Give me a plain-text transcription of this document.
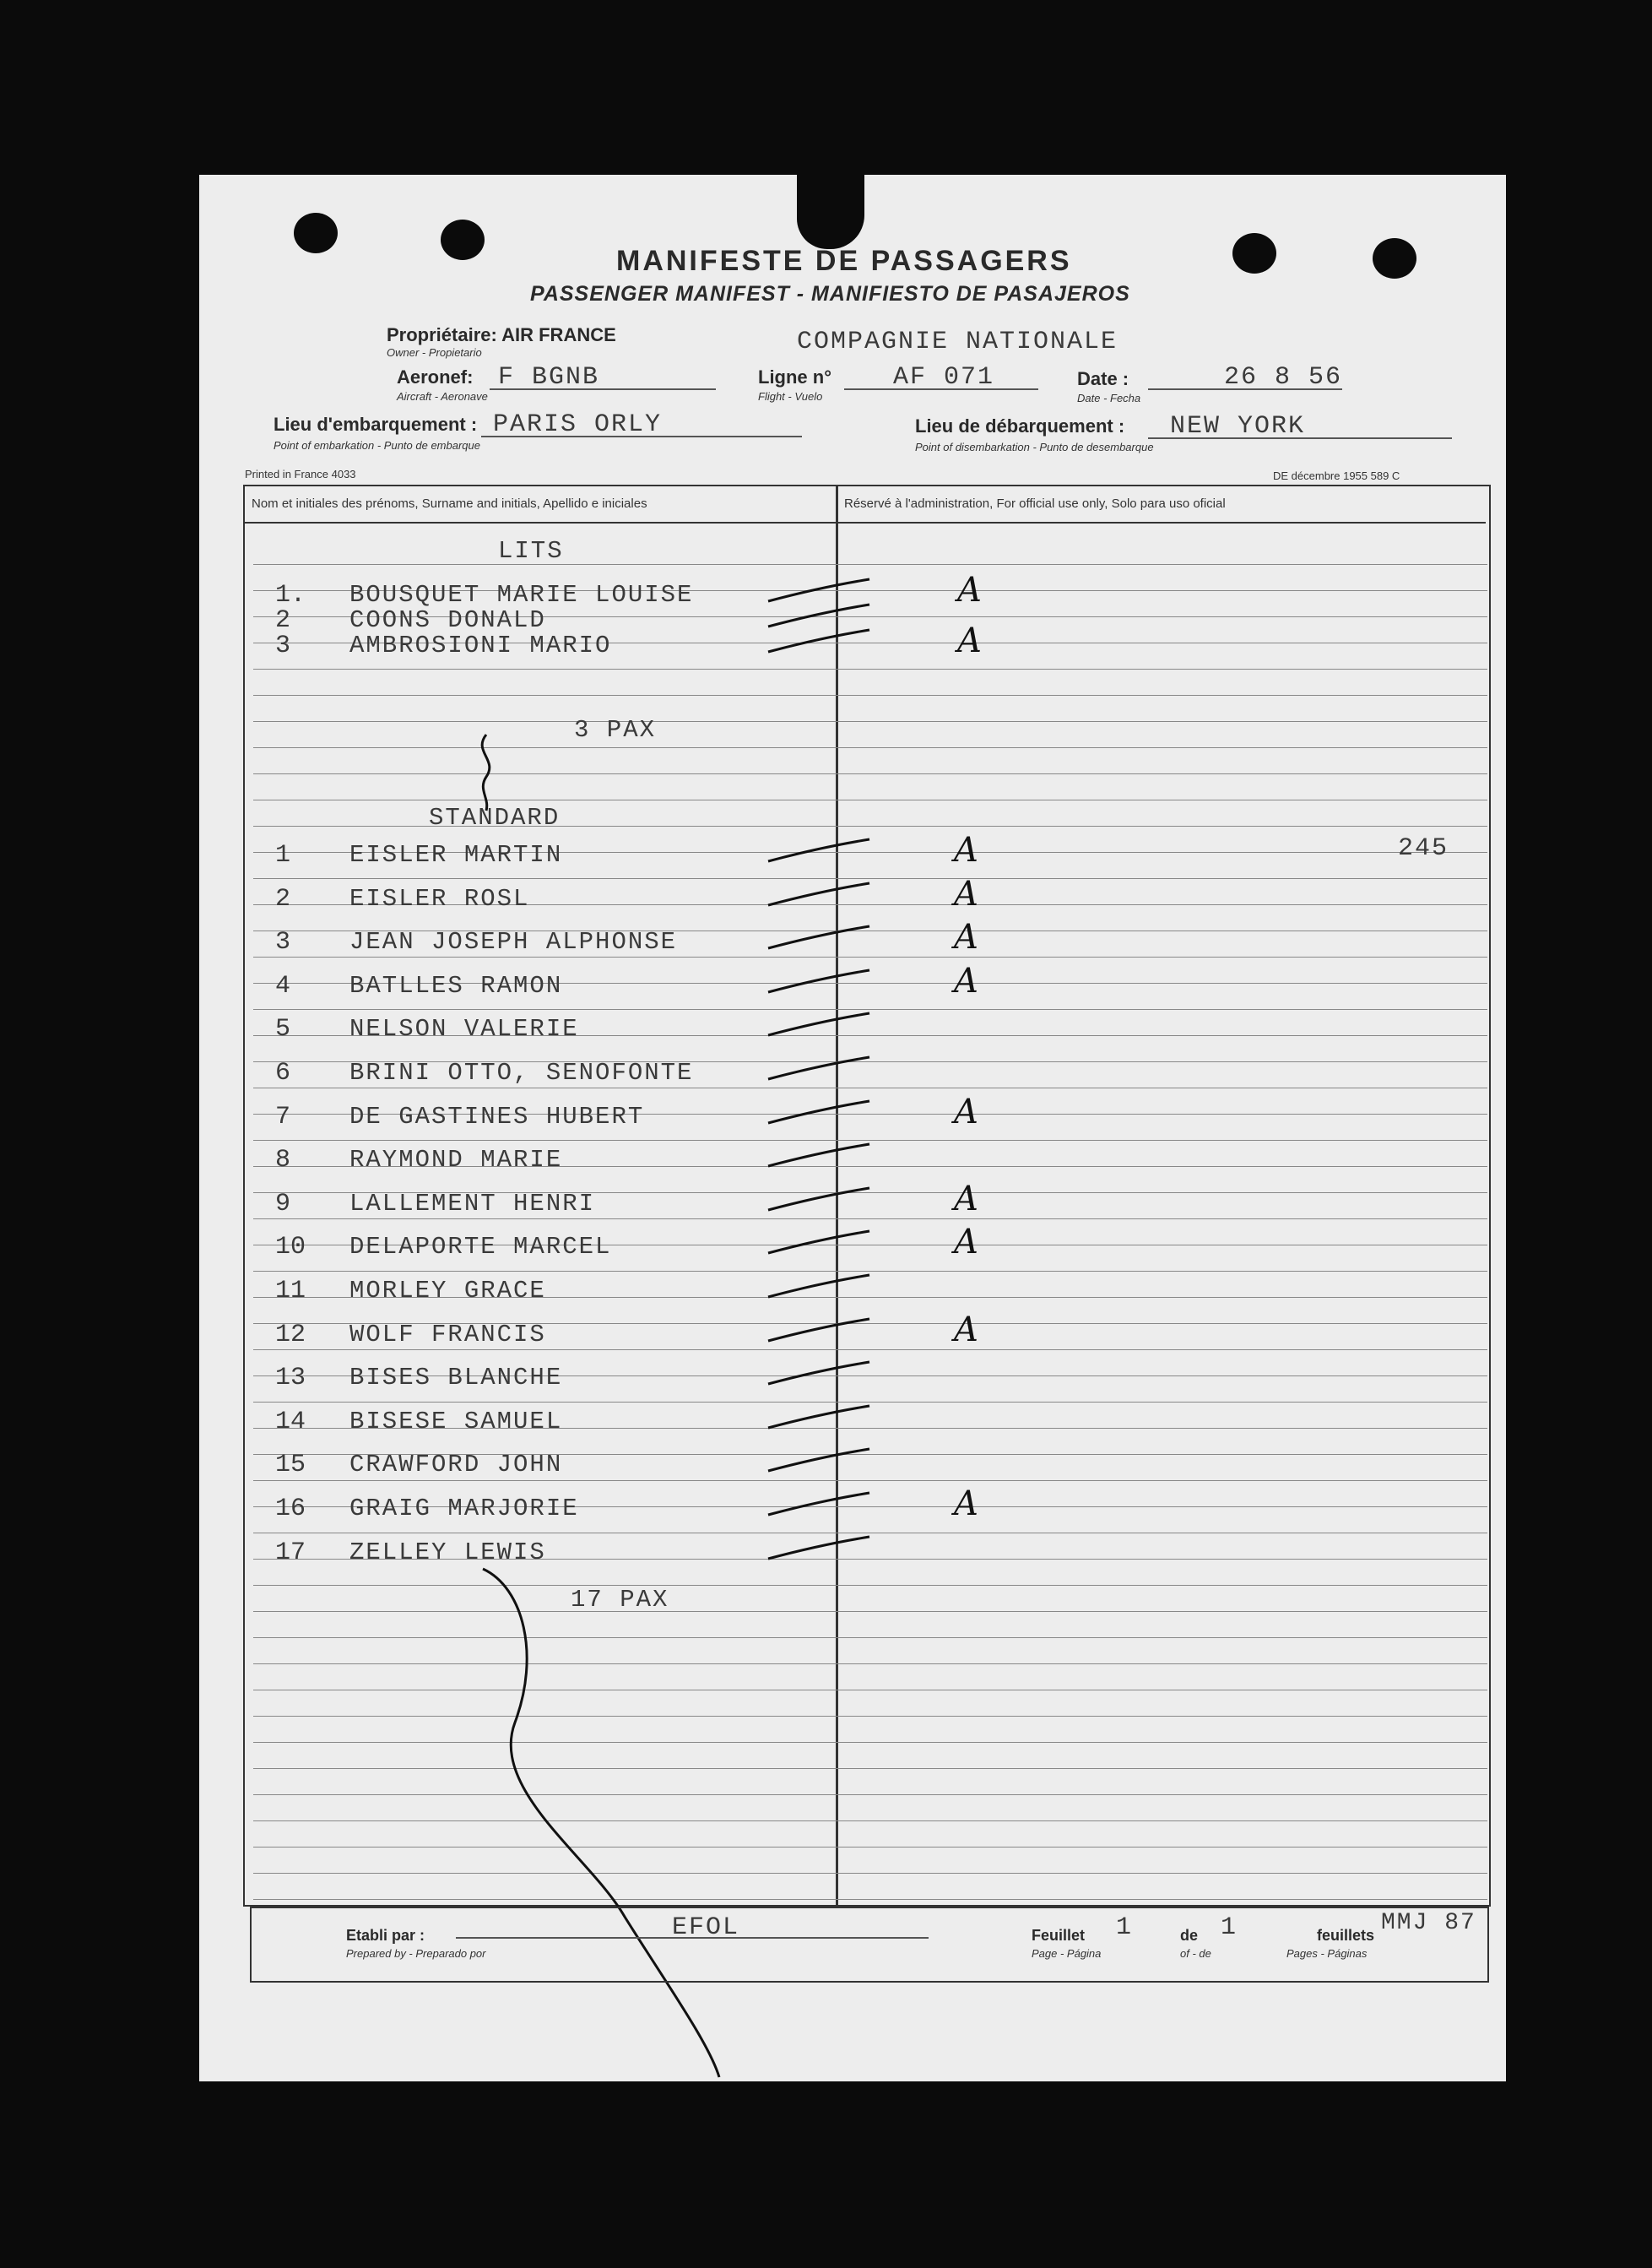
MANIFESTE DE PASSAGERS
PASSENGER MANIFEST - MANIFIESTO DE PASAJEROS
Propriétaire: AIR FRANCE
Owner - Propietario	COMPAGNIE NATIONALE
Aeronef:
Aircraft - Aeronave
F BGNB	Ligne n°
Flight - Vuelo
AF 071	Date :
Date - Fecha
26 8 56
Lieu d'embarquement :
Point of embarkation - Punto de embarque
PARIS ORLY	Lieu de débarquement :
Point of disembarkation - Punto de desembarque
NEW YORK
Printed in France 4033	DE décembre 1955 589 C
Nom et initiales des prénoms, Surname and initials, Apellido e iniciales	Réservé à l'administration, For official use only, Solo para uso oficial
LITS
3 PAX
STANDARD
17 PAX
245
1. BOUSQUET MARIE LOUISE	A
2 COONS DONALD
3 AMBROSIONI MARIO	A
1 EISLER MARTIN	A
2 EISLER ROSL	A
3 JEAN JOSEPH ALPHONSE	A
4 BATLLES RAMON	A
5 NELSON VALERIE
6 BRINI OTTO, SENOFONTE
7 DE GASTINES HUBERT	A
8 RAYMOND MARIE
9 LALLEMENT HENRI	A
10 DELAPORTE MARCEL	A
11 MORLEY GRACE
12 WOLF FRANCIS	A
13 BISES BLANCHE
14 BISESE SAMUEL
15 CRAWFORD JOHN
16 GRAIG MARJORIE	A
17 ZELLEY LEWIS
Etabli par :
Prepared by - Preparado por
EFOL	Feuillet
Page - Página
1	de
of - de
1	feuillets
Pages - Páginas
MMJ 87
